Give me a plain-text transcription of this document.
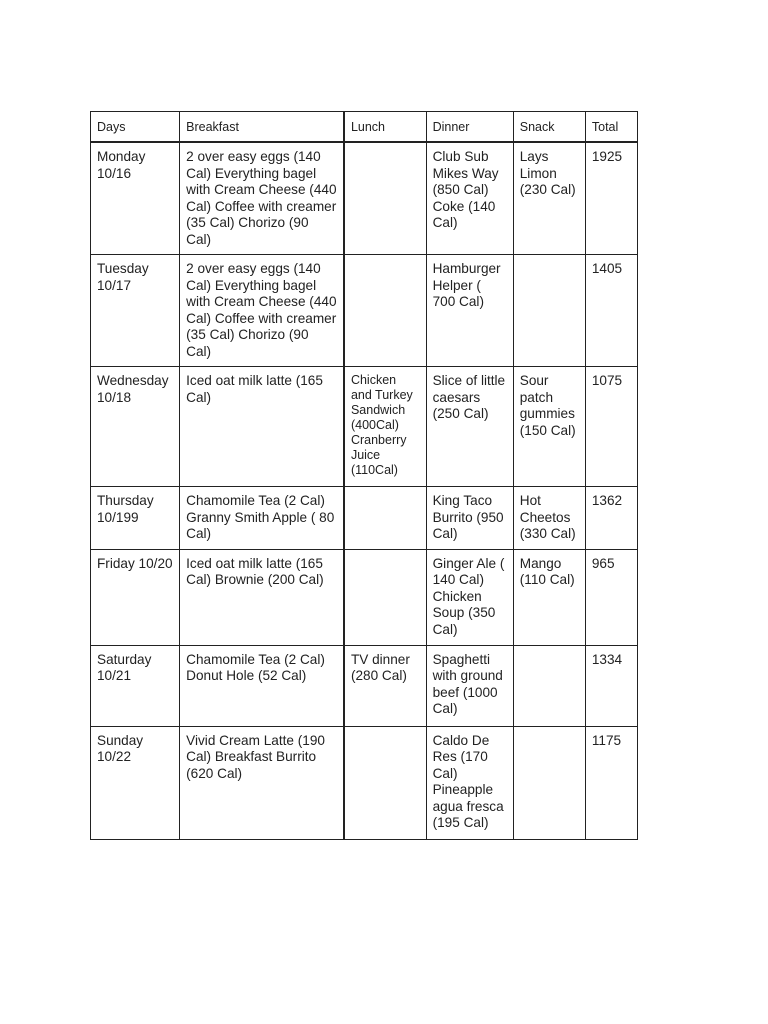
Days	Breakfast	Lunch	Dinner	Snack	Total
Monday 10/16	2 over easy eggs (140 Cal) Everything bagel with Cream Cheese (440 Cal) Coffee with creamer (35 Cal) Chorizo (90 Cal)		Club Sub Mikes Way (850 Cal) Coke (140 Cal)	Lays Limon (230 Cal)	1925
Tuesday 10/17	2 over easy eggs (140 Cal) Everything bagel with Cream Cheese (440 Cal) Coffee with creamer (35 Cal) Chorizo (90 Cal)		Hamburger Helper ( 700 Cal)		1405
Wednesday 10/18	Iced oat milk latte (165 Cal)	Chicken and Turkey Sandwich (400Cal) Cranberry Juice (110Cal)	Slice of little caesars (250 Cal)	Sour patch gummies (150 Cal)	1075
Thursday 10/199	Chamomile Tea (2 Cal) Granny Smith Apple ( 80 Cal)		King Taco Burrito (950 Cal)	Hot Cheetos (330 Cal)	1362
Friday 10/20	Iced oat milk latte (165 Cal) Brownie (200 Cal)		Ginger Ale ( 140 Cal) Chicken Soup (350 Cal)	Mango (110 Cal)	965
Saturday 10/21	Chamomile Tea (2 Cal) Donut Hole (52 Cal)	TV dinner (280 Cal)	Spaghetti with ground beef (1000 Cal)		1334
Sunday 10/22	Vivid Cream Latte (190 Cal) Breakfast Burrito (620 Cal)		Caldo De Res (170 Cal) Pineapple agua fresca (195 Cal)		1175
